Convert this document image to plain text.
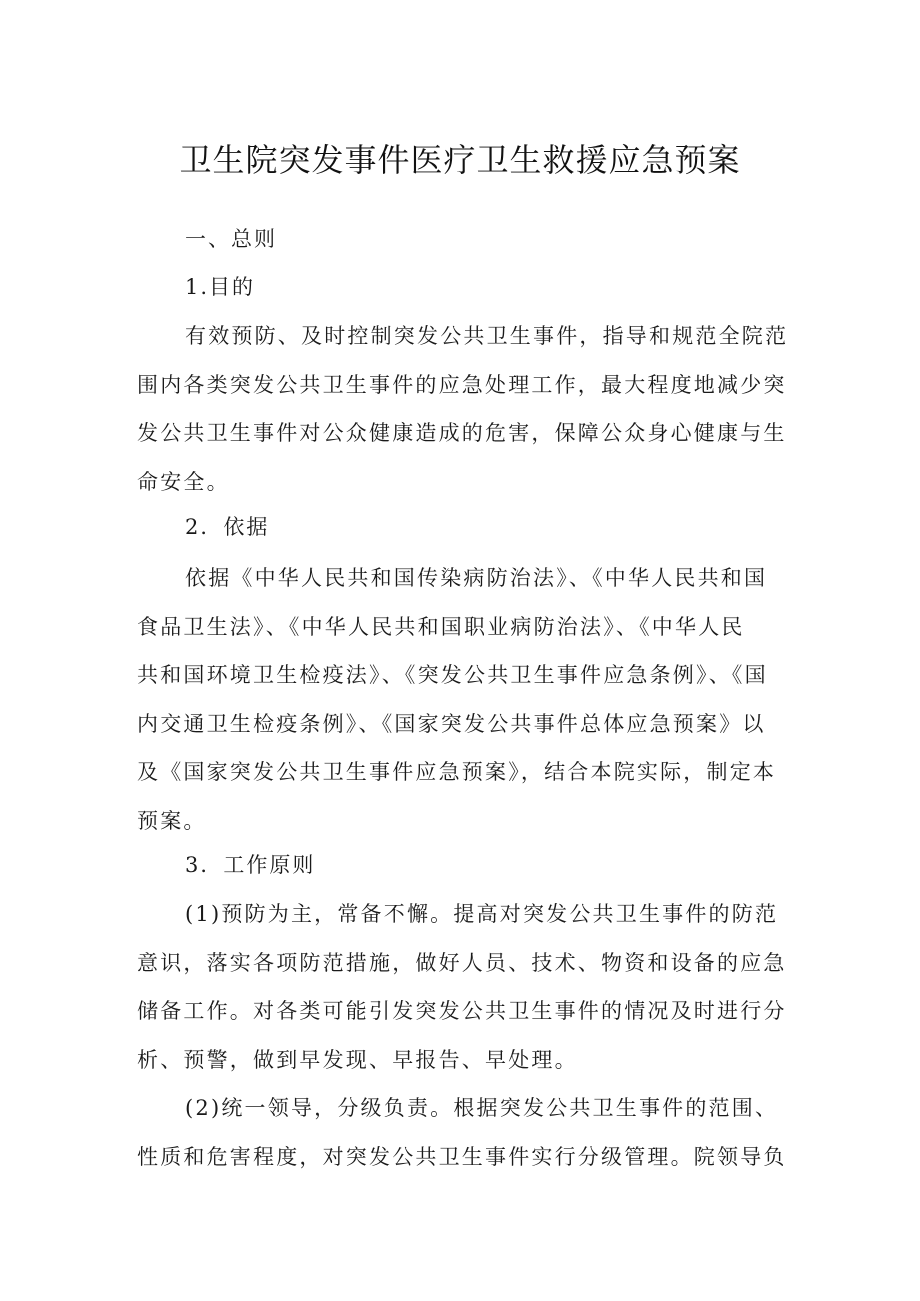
卫生院突发事件医疗卫生救援应急预案
一、总则
1.目的
有效预防、及时控制突发公共卫生事件，指导和规范全院范
围内各类突发公共卫生事件的应急处理工作，最大程度地减少突
发公共卫生事件对公众健康造成的危害，保障公众身心健康与生
命安全。
2．依据
依据《中华人民共和国传染病防治法》、《中华人民共和国
食品卫生法》、《中华人民共和国职业病防治法》、《中华人民
共和国环境卫生检疫法》、《突发公共卫生事件应急条例》、《国
内交通卫生检疫条例》、《国家突发公共事件总体应急预案》以
及《国家突发公共卫生事件应急预案》，结合本院实际，制定本
预案。
3．工作原则
(1)预防为主，常备不懈。提高对突发公共卫生事件的防范
意识，落实各项防范措施，做好人员、技术、物资和设备的应急
储备工作。对各类可能引发突发公共卫生事件的情况及时进行分
析、预警，做到早发现、早报告、早处理。
(2)统一领导，分级负责。根据突发公共卫生事件的范围、
性质和危害程度，对突发公共卫生事件实行分级管理。院领导负
